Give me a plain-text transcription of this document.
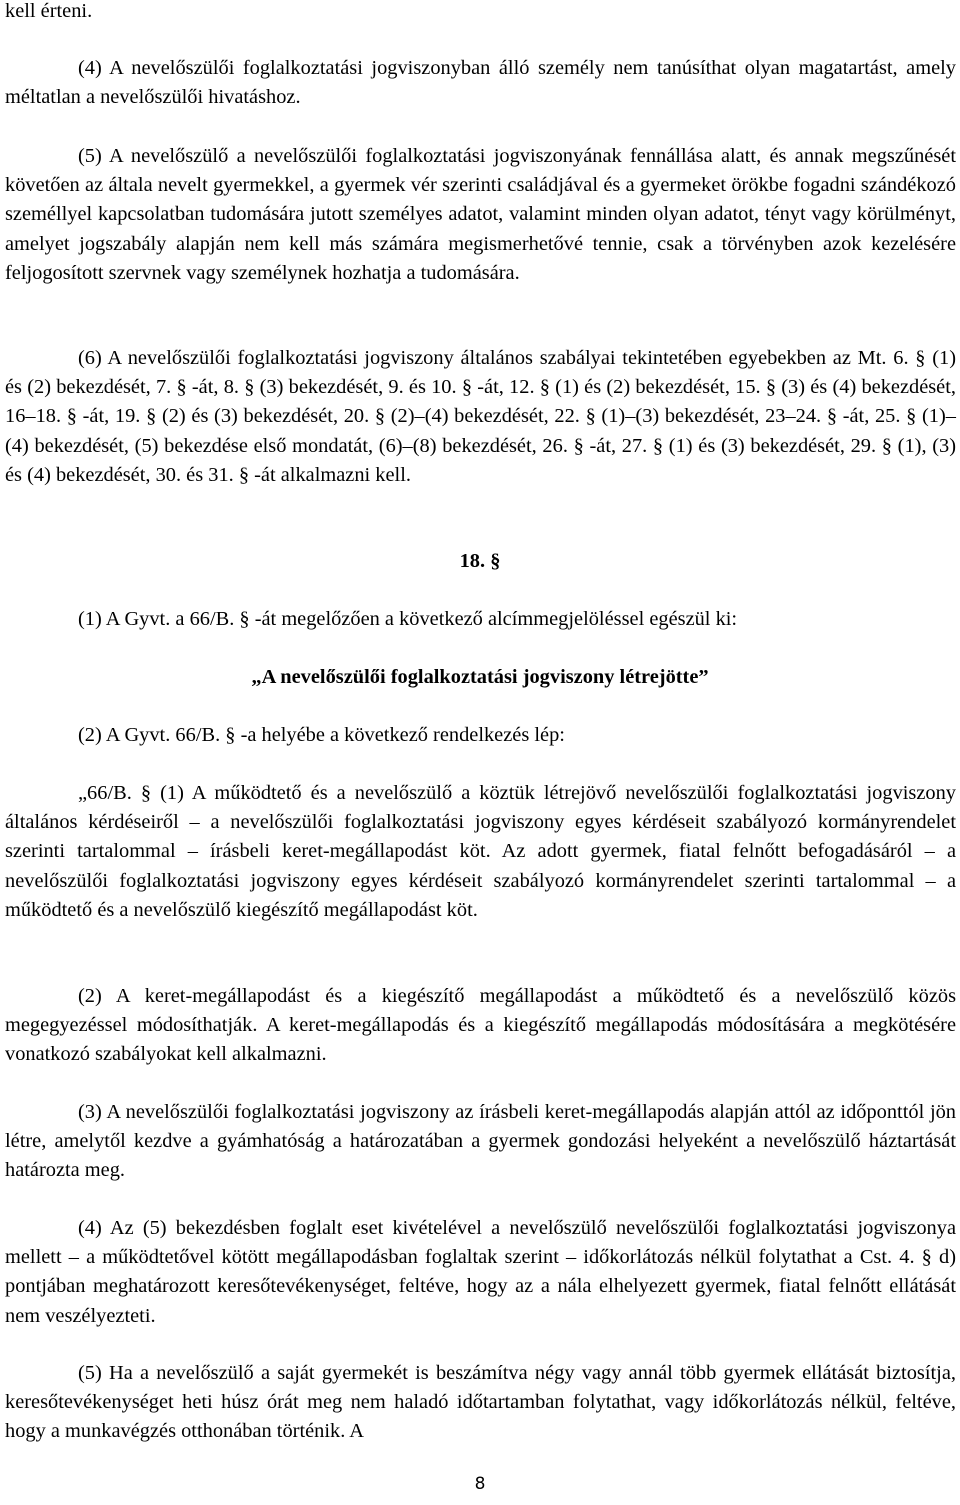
kell érteni.

(4) A nevelőszülői foglalkoztatási jogviszonyban álló személy nem tanúsíthat olyan magatartást, amely méltatlan a nevelőszülői hivatáshoz.

(5) A nevelőszülő a nevelőszülői foglalkoztatási jogviszonyának fennállása alatt, és annak megszűnését követően az általa nevelt gyermekkel, a gyermek vér szerinti családjával és a gyermeket örökbe fogadni szándékozó személlyel kapcsolatban tudomására jutott személyes adatot, valamint minden olyan adatot, tényt vagy körülményt, amelyet jogszabály alapján nem kell más számára megismerhetővé tennie, csak a törvényben azok kezelésére feljogosított szervnek vagy személynek hozhatja a tudomására.

(6) A nevelőszülői foglalkoztatási jogviszony általános szabályai tekintetében egyebekben az Mt. 6. § (1) és (2) bekezdését, 7. § -át, 8. § (3) bekezdését, 9. és 10. § -át, 12. § (1) és (2) bekezdését, 15. § (3) és (4) bekezdését, 16–18. § -át, 19. § (2) és (3) bekezdését, 20. § (2)–(4) bekezdését, 22. § (1)–(3) bekezdését, 23–24. § -át, 25. § (1)–(4) bekezdését, (5) bekezdése első mondatát, (6)–(8) bekezdését, 26. § -át, 27. § (1) és (3) bekezdését, 29. § (1), (3) és (4) bekezdését, 30. és 31. § -át alkalmazni kell.

18. §

(1) A Gyvt. a 66/B. § -át megelőzően a következő alcímmegjelöléssel egészül ki:

„A nevelőszülői foglalkoztatási jogviszony létrejötte”

(2) A Gyvt. 66/B. § -a helyébe a következő rendelkezés lép:

„66/B. § (1) A működtető és a nevelőszülő a köztük létrejövő nevelőszülői foglalkoztatási jogviszony általános kérdéseiről – a nevelőszülői foglalkoztatási jogviszony egyes kérdéseit szabályozó kormányrendelet szerinti tartalommal – írásbeli keret-megállapodást köt. Az adott gyermek, fiatal felnőtt befogadásáról – a nevelőszülői foglalkoztatási jogviszony egyes kérdéseit szabályozó kormányrendelet szerinti tartalommal – a működtető és a nevelőszülő kiegészítő megállapodást köt.

(2) A keret-megállapodást és a kiegészítő megállapodást a működtető és a nevelőszülő közös megegyezéssel módosíthatják. A keret-megállapodás és a kiegészítő megállapodás módosítására a megkötésére vonatkozó szabályokat kell alkalmazni.

(3) A nevelőszülői foglalkoztatási jogviszony az írásbeli keret-megállapodás alapján attól az időponttól jön létre, amelytől kezdve a gyámhatóság a határozatában a gyermek gondozási helyeként a nevelőszülő háztartását határozta meg.

(4) Az (5) bekezdésben foglalt eset kivételével a nevelőszülő nevelőszülői foglalkoztatási jogviszonya mellett – a működtetővel kötött megállapodásban foglaltak szerint – időkorlátozás nélkül folytathat a Cst. 4. § d) pontjában meghatározott keresőtevékenységet, feltéve, hogy az a nála elhelyezett gyermek, fiatal felnőtt ellátását nem veszélyezteti.

(5) Ha a nevelőszülő a saját gyermekét is beszámítva négy vagy annál több gyermek ellátását biztosítja, keresőtevékenységet heti húsz órát meg nem haladó időtartamban folytathat, vagy időkorlátozás nélkül, feltéve, hogy a munkavégzés otthonában történik. A

8
